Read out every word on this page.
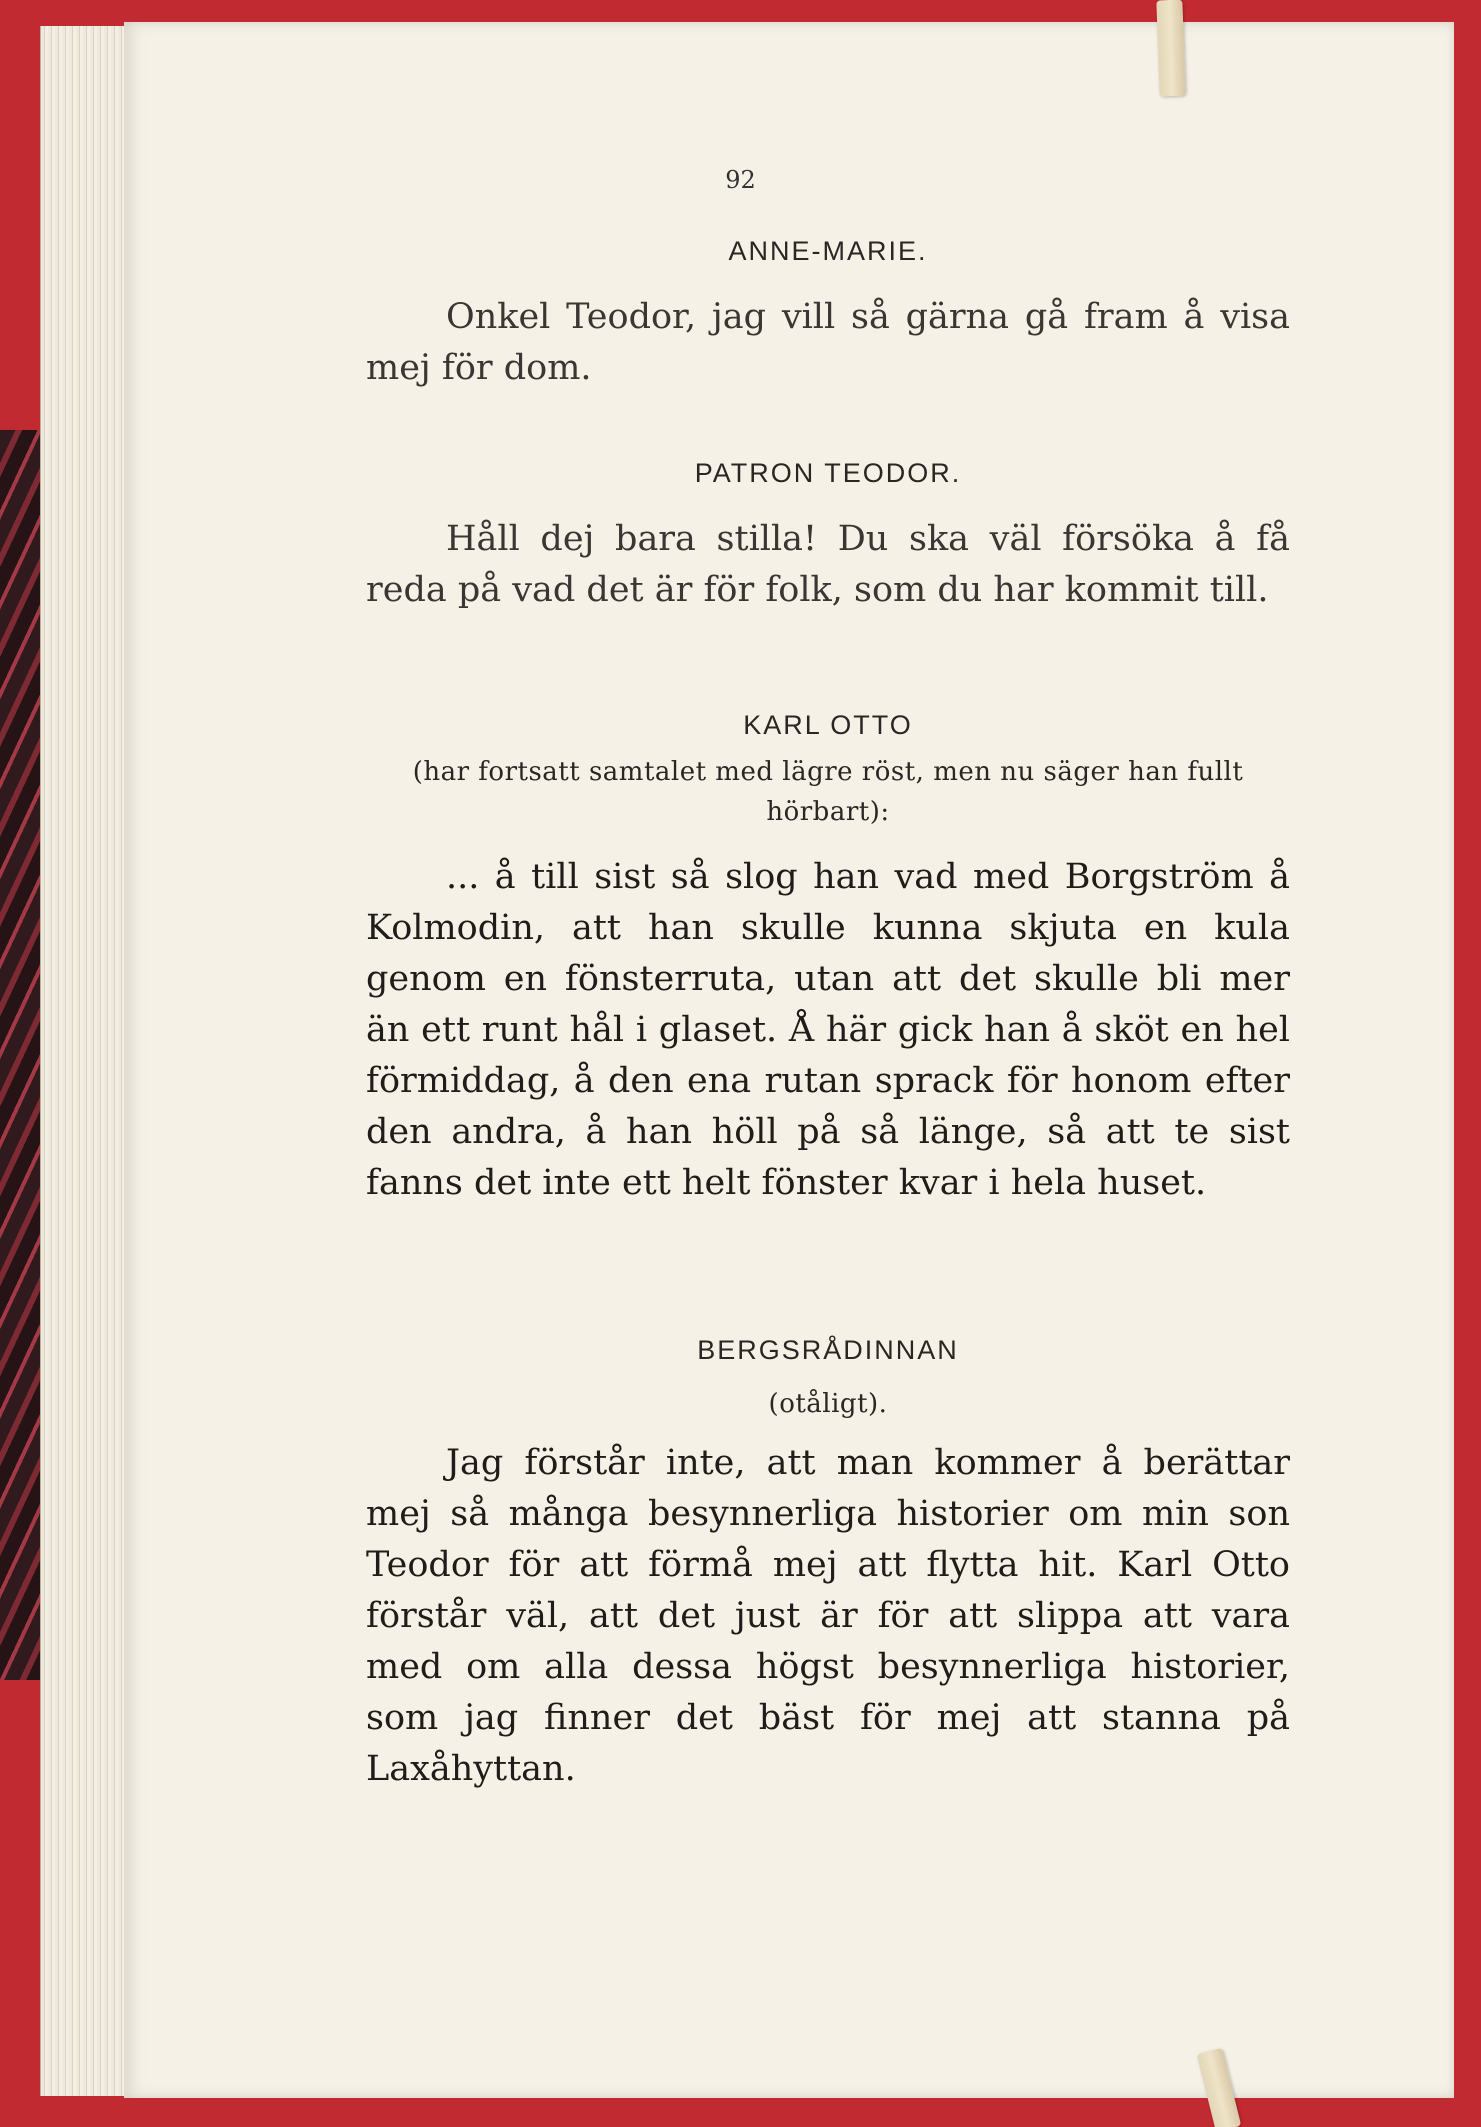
92

ANNE-MARIE.

Onkel Teodor, jag vill så gärna gå fram å visa mej för dom.

PATRON TEODOR.

Håll dej bara stilla! Du ska väl försöka å få reda på vad det är för folk, som du har kommit till.

KARL OTTO

(har fortsatt samtalet med lägre röst, men nu säger han fullt hörbart):

... å till sist så slog han vad med Borgström å Kolmodin, att han skulle kunna skjuta en kula genom en fönsterruta, utan att det skulle bli mer än ett runt hål i glaset. Å här gick han å sköt en hel förmiddag, å den ena rutan sprack för honom efter den andra, å han höll på så länge, så att te sist fanns det inte ett helt fönster kvar i hela huset.

BERGSRÅDINNAN

(otåligt).

Jag förstår inte, att man kommer å berättar mej så många besynnerliga historier om min son Teodor för att förmå mej att flytta hit. Karl Otto förstår väl, att det just är för att slippa att vara med om alla dessa högst besynnerliga historier, som jag finner det bäst för mej att stanna på Laxåhyttan.
